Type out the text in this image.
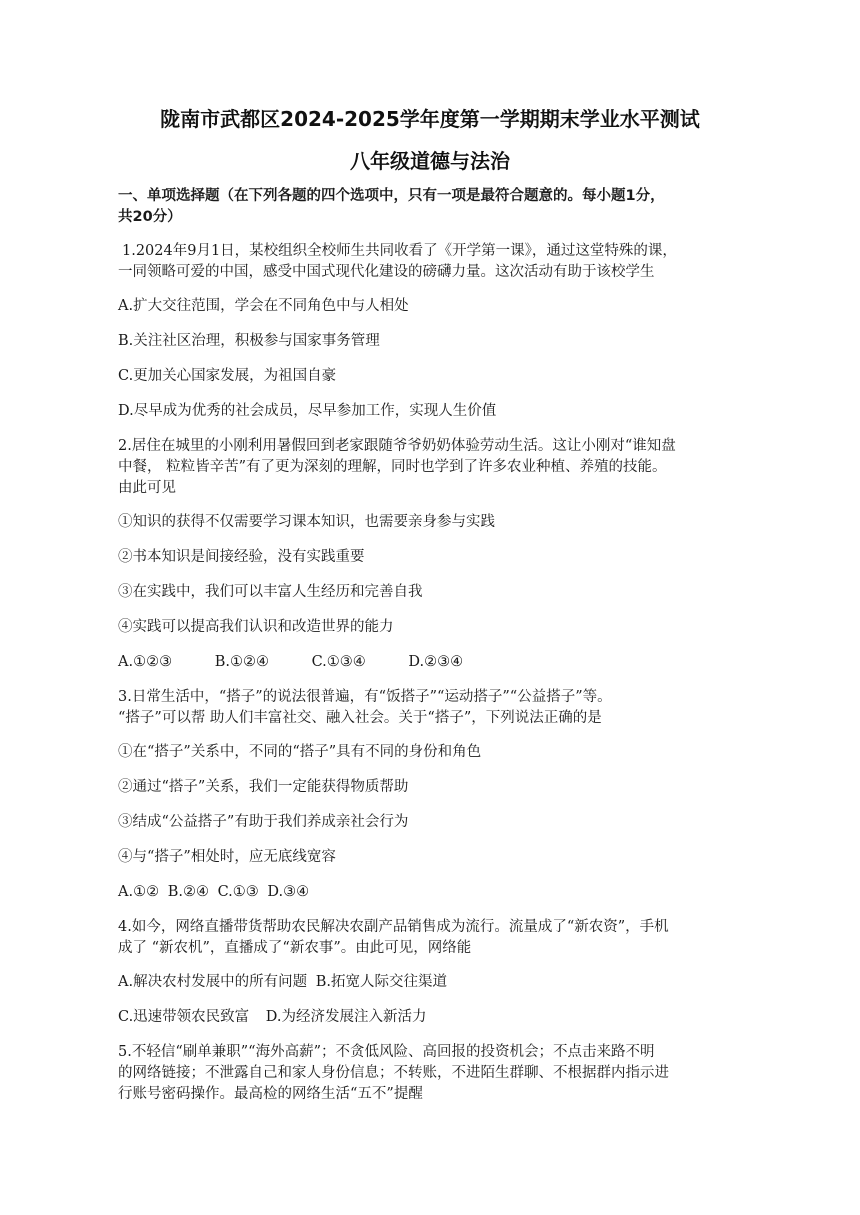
陇南市武都区2024-2025学年度第一学期期末学业水平测试
八年级道德与法治
一、单项选择题（在下列各题的四个选项中，只有一项是最符合题意的。每小题1分，
共20分）
1.2024年9月1日，某校组织全校师生共同收看了《开学第一课》，通过这堂特殊的课，
一同领略可爱的中国，感受中国式现代化建设的磅礴力量。这次活动有助于该校学生
A.扩大交往范围，学会在不同角色中与人相处
B.关注社区治理，积极参与国家事务管理
C.更加关心国家发展，为祖国自豪
D.尽早成为优秀的社会成员，尽早参加工作，实现人生价值
2.居住在城里的小刚利用暑假回到老家跟随爷爷奶奶体验劳动生活。这让小刚对“谁知盘
中餐， 粒粒皆辛苦”有了更为深刻的理解，同时也学到了许多农业种植、养殖的技能。
由此可见
①知识的获得不仅需要学习课本知识，也需要亲身参与实践
②书本知识是间接经验，没有实践重要
③在实践中，我们可以丰富人生经历和完善自我
④实践可以提高我们认识和改造世界的能力
A.①②③	B.①②④	C.①③④	D.②③④
3.日常生活中，“搭子”的说法很普遍，有“饭搭子”“运动搭子”“公益搭子”等。
“搭子”可以帮 助人们丰富社交、融入社会。关于“搭子”，下列说法正确的是
①在“搭子”关系中，不同的“搭子”具有不同的身份和角色
②通过“搭子”关系，我们一定能获得物质帮助
③结成“公益搭子”有助于我们养成亲社会行为
④与“搭子”相处时，应无底线宽容
A.①② B.②④ C.①③ D.③④
4.如今，网络直播带货帮助农民解决农副产品销售成为流行。流量成了“新农资”，手机
成了 “新农机”，直播成了“新农事”。由此可见，网络能
A.解决农村发展中的所有问题 B.拓宽人际交往渠道
C.迅速带领农民致富 D.为经济发展注入新活力
5.不轻信“刷单兼职”“海外高薪”；不贪低风险、高回报的投资机会；不点击来路不明
的网络链接；不泄露自己和家人身份信息；不转账，不进陌生群聊、不根据群内指示进
行账号密码操作。最高检的网络生活“五不”提醒
